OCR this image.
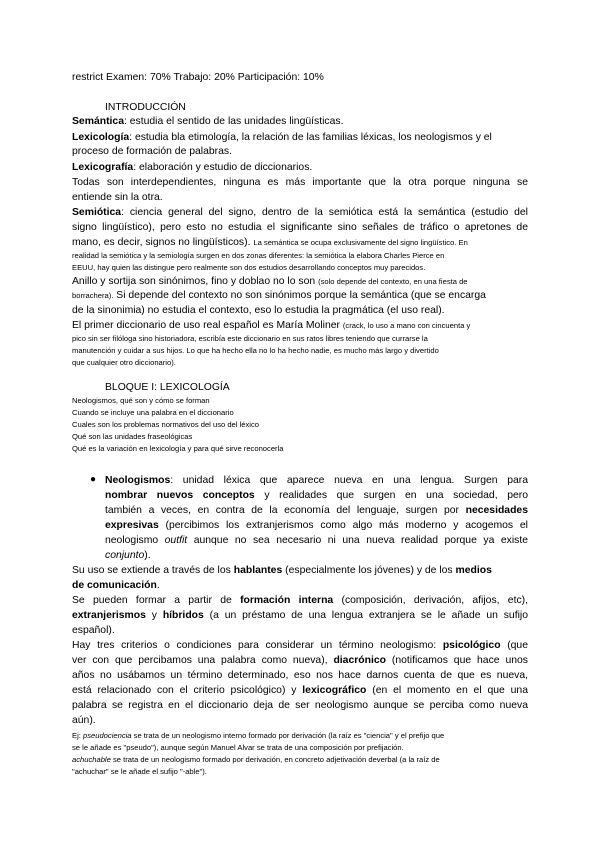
restrict Examen: 70% Trabajo: 20% Participación: 10%
INTRODUCCIÓN
Semántica: estudia el sentido de las unidades lingüísticas.
Lexicología: estudia bla etimología, la relación de las familias léxicas, los neologismos y el
proceso de formación de palabras.
Lexicografía: elaboración y estudio de diccionarios.
Todas son interdependientes, ninguna es más importante que la otra porque ninguna se
entiende sin la otra.
Semiótica: ciencia general del signo, dentro de la semiótica está la semántica (estudio del
signo lingüístico), pero esto no estudia el significante sino señales de tráfico o apretones de
mano, es decir, signos no lingüísticos). La semántica se ocupa exclusivamente del signo lingüístico. En
realidad la semiótica y la semiología surgen en dos zonas diferentes: la semiótica la elabora Charles Pierce en
EEUU, hay quien las distingue pero realmente son dos estudios desarrollando conceptos muy parecidos.
Anillo y sortija son sinónimos, fino y doblao no lo son (solo depende del contexto, en una fiesta de
borrachera). Si depende del contexto no son sinónimos porque la semántica (que se encarga
de la sinonimia) no estudia el contexto, eso lo estudia la pragmática (el uso real).
El primer diccionario de uso real español es María Moliner (crack, lo uso a mano con cincuenta y
pico sin ser filóloga sino historiadora, escribía este diccionario en sus ratos libres teniendo que currarse la
manutención y cuidar a sus hijos. Lo que ha hecho ella no lo ha hecho nadie, es mucho más largo y divertido
que cualquier otro diccionario).
BLOQUE I: LEXICOLOGÍA
Neologismos, qué son y cómo se forman
Cuando se incluye una palabra en el diccionario
Cuales son los problemas normativos del uso del léxico
Qué son las unidades fraseológicas
Qué es la variación en lexicología y para qué sirve reconocerla
● Neologismos: unidad léxica que aparece nueva en una lengua. Surgen para
nombrar nuevos conceptos y realidades que surgen en una sociedad, pero
también a veces, en contra de la economía del lenguaje, surgen por necesidades
expresivas (percibimos los extranjerismos como algo más moderno y acogemos el
neologismo outfit aunque no sea necesario ni una nueva realidad porque ya existe
conjunto).
Su uso se extiende a través de los hablantes (especialmente los jóvenes) y de los medios
de comunicación.
Se pueden formar a partir de formación interna (composición, derivación, afijos, etc),
extranjerismos y híbridos (a un préstamo de una lengua extranjera se le añade un sufijo
español).
Hay tres criterios o condiciones para considerar un término neologismo: psicológico (que
ver con que percibamos una palabra como nueva), diacrónico (notificamos que hace unos
años no usábamos un término determinado, eso nos hace darnos cuenta de que es nueva,
está relacionado con el criterio psicológico) y lexicográfico (en el momento en el que una
palabra se registra en el diccionario deja de ser neologismo aunque se perciba como nueva
aún).
Ej: pseudociencia se trata de un neologismo interno formado por derivación (la raíz es "ciencia" y el prefijo que
se le añade es "pseudo"), aunque según Manuel Alvar se trata de una composición por prefijación.
achuchable se trata de un neologismo formado por derivación, en concreto adjetivación deverbal (a la raíz de
"achuchar" se le añade el sufijo "-able").
